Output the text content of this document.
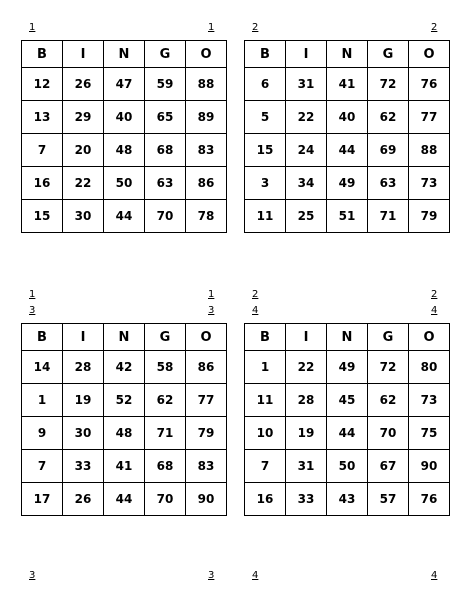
1	1	2	2
B	I	N	G	O
12	26	47	59	88
13	29	40	65	89
7	20	48	68	83
16	22	50	63	86
15	30	44	70	78
B	I	N	G	O
6	31	41	72	76
5	22	40	62	77
15	24	44	69	88
3	34	49	63	73
11	25	51	71	79
1
3
1
3
2
4
2
4
B	I	N	G	O
14	28	42	58	86
1	19	52	62	77
9	30	48	71	79
7	33	41	68	83
17	26	44	70	90
B	I	N	G	O
1	22	49	72	80
11	28	45	62	73
10	19	44	70	75
7	31	50	67	90
16	33	43	57	76
3	3	4	4
